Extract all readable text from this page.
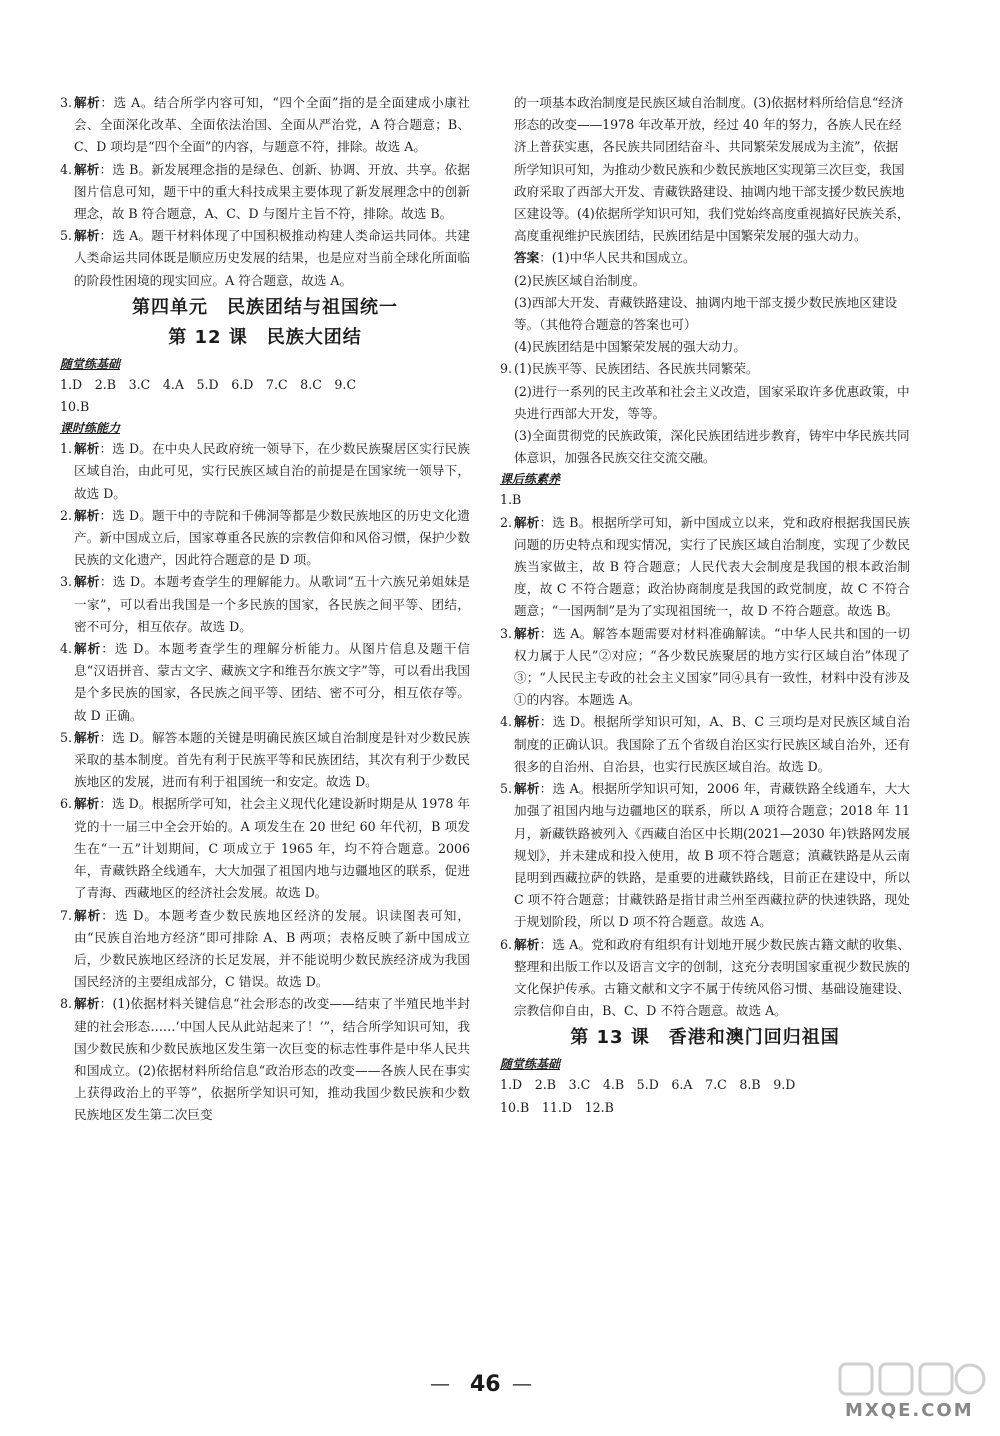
3. 解析：选 A。结合所学内容可知，“四个全面”指的是全面建成小康社会、全面深化改革、全面依法治国、全面从严治党，A 符合题意；B、C、D 项均是“四个全面”的内容，与题意不符，排除。故选 A。
4. 解析：选 B。新发展理念指的是绿色、创新、协调、开放、共享。依据图片信息可知，题干中的重大科技成果主要体现了新发展理念中的创新理念，故 B 符合题意，A、C、D 与图片主旨不符，排除。故选 B。
5. 解析：选 A。题干材料体现了中国积极推动构建人类命运共同体。共建人类命运共同体既是顺应历史发展的结果，也是应对当前全球化所面临的阶段性困境的现实回应。A 符合题意，故选 A。
第四单元　民族团结与祖国统一
第 12 课　民族大团结
随堂练基础

1.D　2.B　3.C　4.A　5.D　6.D　7.C　8.C　9.C

10.B

课时练能力
1. 解析：选 D。在中央人民政府统一领导下，在少数民族聚居区实行民族区域自治，由此可见，实行民族区域自治的前提是在国家统一领导下，故选 D。
2. 解析：选 D。题干中的寺院和千佛洞等都是少数民族地区的历史文化遗产。新中国成立后，国家尊重各民族的宗教信仰和风俗习惯，保护少数民族的文化遗产，因此符合题意的是 D 项。
3. 解析：选 D。本题考查学生的理解能力。从歌词“五十六族兄弟姐妹是一家”，可以看出我国是一个多民族的国家，各民族之间平等、团结，密不可分，相互依存。故选 D。
4. 解析：选 D。本题考查学生的理解分析能力。从图片信息及题干信息“汉语拼音、蒙古文字、藏族文字和维吾尔族文字”等，可以看出我国是个多民族的国家，各民族之间平等、团结、密不可分，相互依存等。故 D 正确。
5. 解析：选 D。解答本题的关键是明确民族区域自治制度是针对少数民族采取的基本制度。首先有利于民族平等和民族团结，其次有利于少数民族地区的发展，进而有利于祖国统一和安定。故选 D。
6. 解析：选 D。根据所学可知，社会主义现代化建设新时期是从 1978 年党的十一届三中全会开始的。A 项发生在 20 世纪 60 年代初，B 项发生在“一五”计划期间，C 项成立于 1965 年，均不符合题意。2006 年，青藏铁路全线通车，大大加强了祖国内地与边疆地区的联系，促进了青海、西藏地区的经济社会发展。故选 D。
7. 解析：选 D。本题考查少数民族地区经济的发展。识读图表可知，由“民族自治地方经济”即可排除 A、B 两项；表格反映了新中国成立后，少数民族地区经济的长足发展，并不能说明少数民族经济成为我国国民经济的主要组成部分，C 错误。故选 D。
8. 解析：(1)依据材料关键信息“社会形态的改变——结束了半殖民地半封建的社会形态……‘中国人民从此站起来了！’”，结合所学知识可知，我国少数民族和少数民族地区发生第一次巨变的标志性事件是中华人民共和国成立。(2)依据材料所给信息“政治形态的改变——各族人民在事实上获得政治上的平等”，依据所学知识可知，推动我国少数民族和少数民族地区发生第二次巨变

的一项基本政治制度是民族区域自治制度。(3)依据材料所给信息“经济形态的改变——1978 年改革开放，经过 40 年的努力，各族人民在经济上普获实惠，各民族共同团结奋斗、共同繁荣发展成为主流”，依据所学知识可知，为推动少数民族和少数民族地区实现第三次巨变，我国政府采取了西部大开发、青藏铁路建设、抽调内地干部支援少数民族地区建设等。(4)依据所学知识可知，我们党始终高度重视搞好民族关系，高度重视维护民族团结，民族团结是中国繁荣发展的强大动力。

答案：(1)中华人民共和国成立。

(2)民族区域自治制度。

(3)西部大开发、青藏铁路建设、抽调内地干部支援少数民族地区建设等。（其他符合题意的答案也可）

(4)民族团结是中国繁荣发展的强大动力。

9. (1)民族平等、民族团结、各民族共同繁荣。

(2)进行一系列的民主改革和社会主义改造，国家采取许多优惠政策，中央进行西部大开发，等等。

(3)全面贯彻党的民族政策，深化民族团结进步教育，铸牢中华民族共同体意识，加强各民族交往交流交融。

课后练素养

1.B

2. 解析：选 B。根据所学可知，新中国成立以来，党和政府根据我国民族问题的历史特点和现实情况，实行了民族区域自治制度，实现了少数民族当家做主，故 B 符合题意；人民代表大会制度是我国的根本政治制度，故 C 不符合题意；政治协商制度是我国的政党制度，故 C 不符合题意；“一国两制”是为了实现祖国统一，故 D 不符合题意。故选 B。
3. 解析：选 A。解答本题需要对材料准确解读。“中华人民共和国的一切权力属于人民”②对应；“各少数民族聚居的地方实行区域自治”体现了③；“人民民主专政的社会主义国家”同④具有一致性，材料中没有涉及①的内容。本题选 A。
4. 解析：选 D。根据所学知识可知，A、B、C 三项均是对民族区域自治制度的正确认识。我国除了五个省级自治区实行民族区域自治外，还有很多的自治州、自治县，也实行民族区域自治。故选 D。
5. 解析：选 A。根据所学知识可知，2006 年，青藏铁路全线通车，大大加强了祖国内地与边疆地区的联系，所以 A 项符合题意；2018 年 11 月，新藏铁路被列入《西藏自治区中长期(2021—2030 年)铁路网发展规划》，并未建成和投入使用，故 B 项不符合题意；滇藏铁路是从云南昆明到西藏拉萨的铁路，是重要的进藏铁路线，目前正在建设中，所以 C 项不符合题意；甘藏铁路是指甘肃兰州至西藏拉萨的快速铁路，现处于规划阶段，所以 D 项不符合题意。故选 A。
6. 解析：选 A。党和政府有组织有计划地开展少数民族古籍文献的收集、整理和出版工作以及语言文字的创制，这充分表明国家重视少数民族的文化保护传承。古籍文献和文字不属于传统风俗习惯、基础设施建设、宗教信仰自由，B、C、D 不符合题意。故选 A。
第 13 课　香港和澳门回归祖国
随堂练基础

1.D　2.B　3.C　4.B　5.D　6.A　7.C　8.B　9.D

10.B　11.D　12.B

— 46 —
MXQE.COM
